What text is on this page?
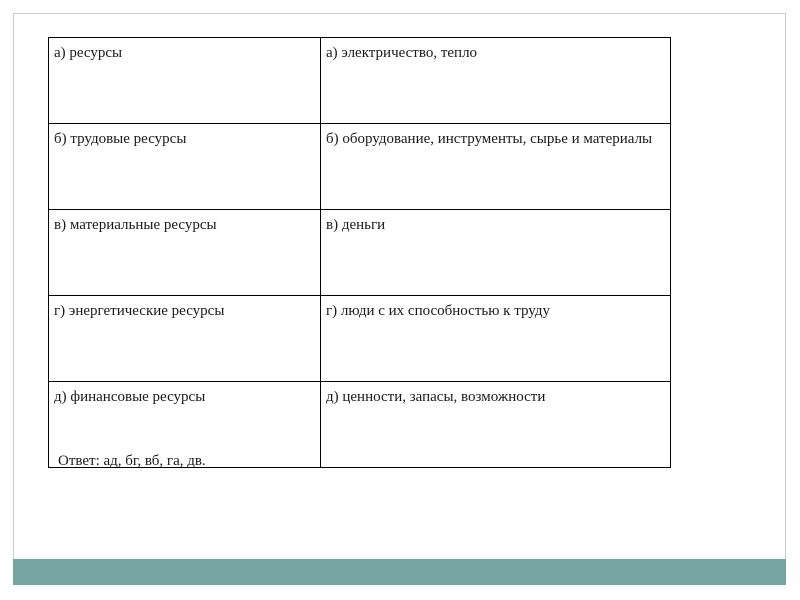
а) ресурсы	а) электричество, тепло
б) трудовые ресурсы	б) оборудование, инструменты, сырье и материалы
в) материальные ресурсы	в) деньги
г) энергетические ресурсы	г) люди с их способностью к труду
д) финансовые ресурсы	д) ценности, запасы, возможности
Ответ: ад, бг, вб, га, дв.
